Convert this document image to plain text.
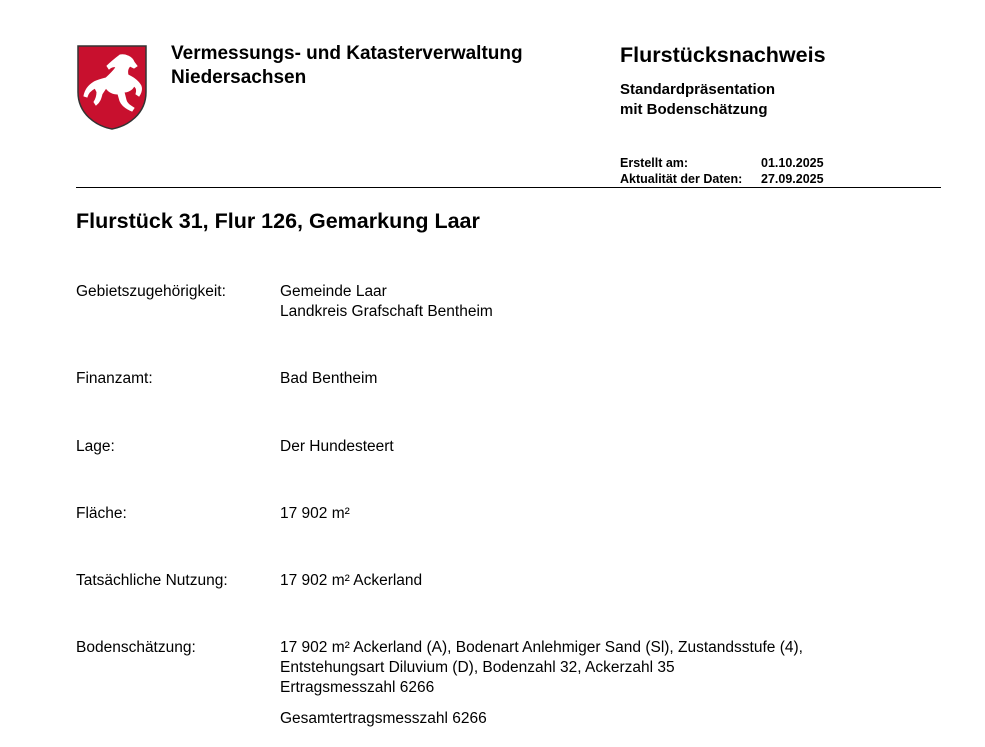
Vermessungs- und Katasterverwaltung
Niedersachsen
Flurstücksnachweis
Standardpräsentation
mit Bodenschätzung
Erstellt am:	01.10.2025
Aktualität der Daten:	27.09.2025
Flurstück 31, Flur 126, Gemarkung Laar
Gebietszugehörigkeit:	Gemeinde Laar
Landkreis Grafschaft Bentheim
Finanzamt:	Bad Bentheim
Lage:	Der Hundesteert
Fläche:	17 902 m²
Tatsächliche Nutzung:	17 902 m² Ackerland
Bodenschätzung:	17 902 m² Ackerland (A), Bodenart Anlehmiger Sand (Sl), Zustandsstufe (4),
Entstehungsart Diluvium (D), Bodenzahl 32, Ackerzahl 35
Ertragsmesszahl 6266
Gesamtertragsmesszahl 6266
